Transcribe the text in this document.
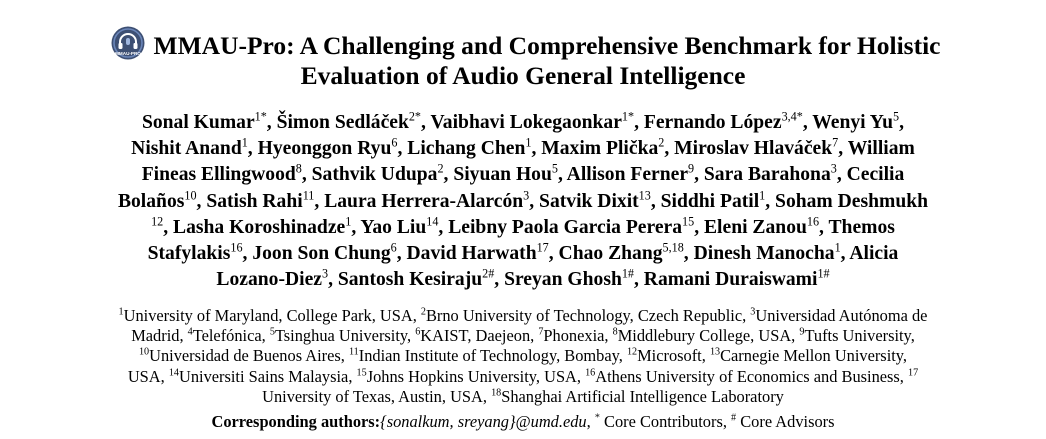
MMAU-PRO MMAU-Pro: A Challenging and Comprehensive Benchmark for Holistic
Evaluation of Audio General Intelligence
Sonal Kumar$^{1*}$, Šimon Sedláček$^{2*}$, Vaibhavi Lokegaonkar$^{1*}$, Fernando López$^{3,4*}$, Wenyi Yu$^5$,
Nishit Anand$^1$, Hyeonggon Ryu$^6$, Lichang Chen$^1$, Maxim Plička$^2$, Miroslav Hlaváček$^7$, William
Fineas Ellingwood$^8$, Sathvik Udupa$^2$, Siyuan Hou$^5$, Allison Ferner$^9$, Sara Barahona$^3$, Cecilia
Bolaños$^{10}$, Satish Rahi$^{11}$, Laura Herrera-Alarcón$^3$, Satvik Dixit$^{13}$, Siddhi Patil$^1$, Soham Deshmukh
$^{12}$, Lasha Koroshinadze$^1$, Yao Liu$^{14}$, Leibny Paola Garcia Perera$^{15}$, Eleni Zanou$^{16}$, Themos
Stafylakis$^{16}$, Joon Son Chung$^6$, David Harwath$^{17}$, Chao Zhang$^{5,18}$, Dinesh Manocha$^1$, Alicia
Lozano-Diez$^3$, Santosh Kesiraju$^{2\#}$, Sreyan Ghosh$^{1\#}$, Ramani Duraiswami$^{1\#}$
$^1$University of Maryland, College Park, USA, $^2$Brno University of Technology, Czech Republic, $^3$Universidad Autónoma de
Madrid, $^4$Telefónica, $^5$Tsinghua University, $^6$KAIST, Daejeon, $^7$Phonexia, $^8$Middlebury College, USA, $^9$Tufts University,
$^{10}$Universidad de Buenos Aires, $^{11}$Indian Institute of Technology, Bombay, $^{12}$Microsoft, $^{13}$Carnegie Mellon University,
USA, $^{14}$Universiti Sains Malaysia, $^{15}$Johns Hopkins University, USA, $^{16}$Athens University of Economics and Business, $^{17}$
University of Texas, Austin, USA, $^{18}$Shanghai Artificial Intelligence Laboratory
Corresponding authors:{sonalkum, sreyang}@umd.edu, * Core Contributors, # Core Advisors
